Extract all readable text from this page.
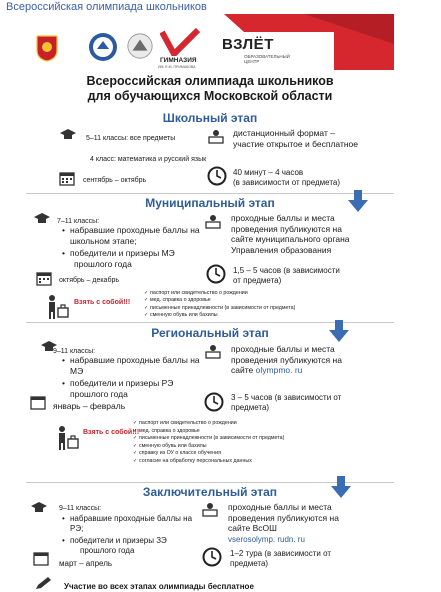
Всероссийская олимпиада школьников
ВЗЛЁТ
ОБРАЗОВАТЕЛЬНЫЙ ЦЕНТР
ГИМНАЗИЯ
ИМ. Е.М. ПРИМАКОВА
Всероссийская олимпиада школьников
для обучающихся Московской области
Школьный этап
5–11 классы: все предметы
4 класс: математика и русский язык
сентябрь – октябрь
дистанционный формат –
участие открытое и бесплатное
40 минут – 4 часов
(в зависимости от предмета)
Муниципальный этап
7–11 классы:
• набравшие проходные баллы на
школьном этапе;
• победители и призеры МЭ
прошлого года
октябрь – декабрь
проходные баллы и места
проведения публикуются на
сайте муниципального органа
Управления образования
1,5 – 5 часов (в зависимости
от предмета)
Взять с собой!!!
✓ паспорт или свидетельство о рождении
✓ мед. справка о здоровье
✓ письменные принадлежности (в зависимости от предмета)
✓ сменную обувь или бахилы
Региональный этап
9–11 классы:
• набравшие проходные баллы на
МЭ
• победители и призеры РЭ
прошлого года
январь – февраль
проходные баллы и места
проведения публикуются на
сайте olympmo. ru
3 – 5 часов (в зависимости от
предмета)
Взять с собой!!!
✓ паспорт или свидетельство о рождении
✓ мед. справка о здоровье
✓ письменные принадлежности (в зависимости от предмета)
✓ сменную обувь или бахилы
✓ справку из ОУ о классе обучения
✓ согласие на обработку персональных данных
Заключительный этап
9–11 классы:
• набравшие проходные баллы на
РЭ;
• победители и призеры ЗЭ
прошлого года
март – апрель
проходные баллы и места
проведения публикуются на
сайте ВсОШ
vserosolymp. rudn. ru
1–2 тура (в зависимости от
предмета)
Участие во всех этапах олимпиады бесплатное
